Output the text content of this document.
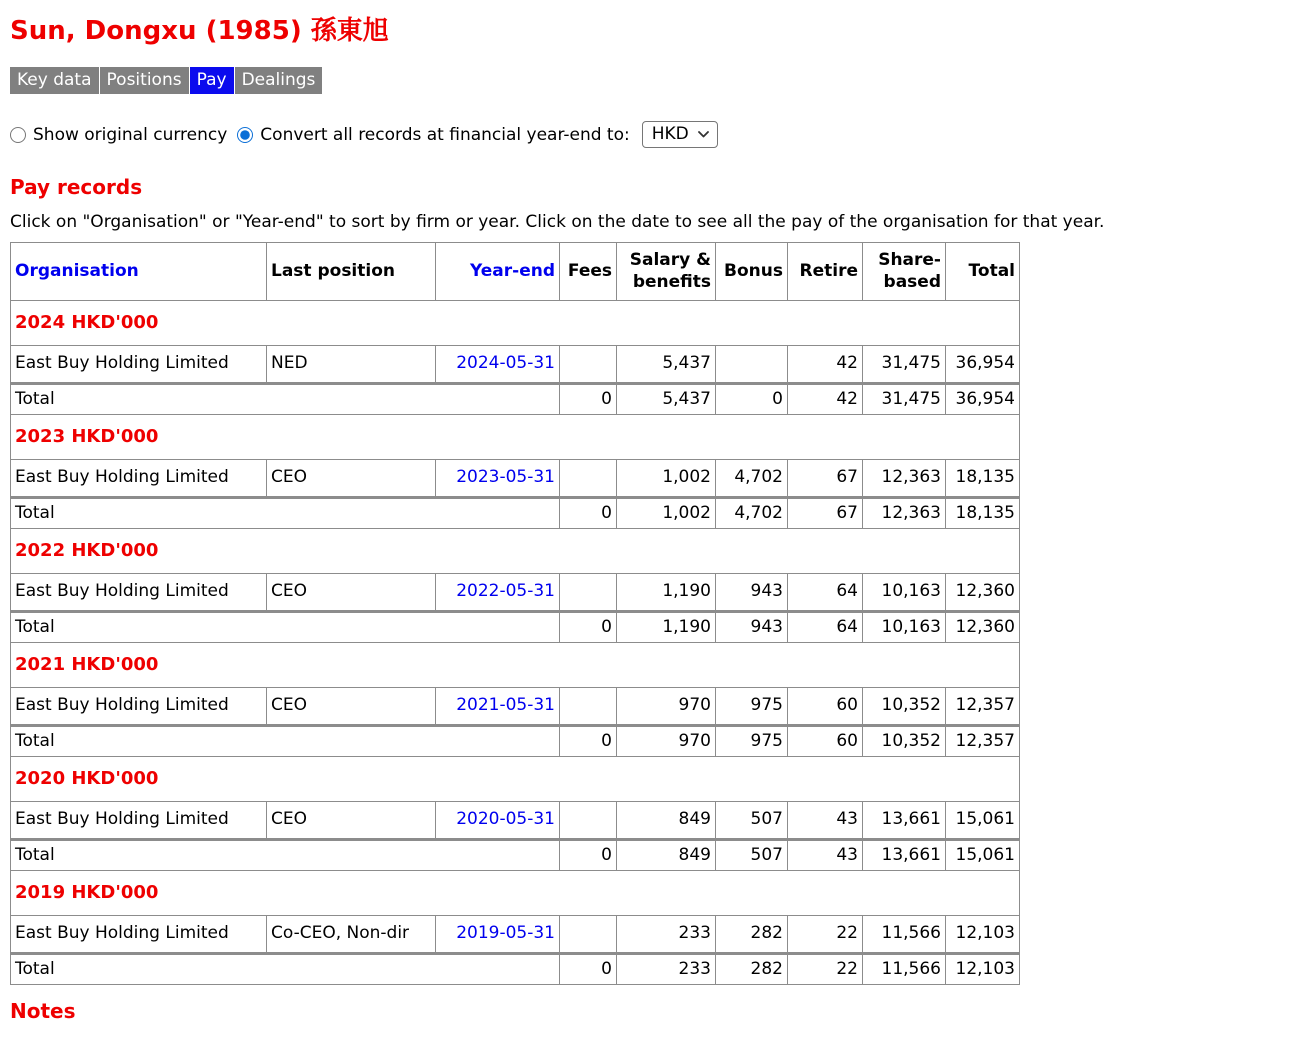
Sun, Dongxu (1985) 孫東旭
Key data Positions Pay Dealings
Show original currency Convert all records at financial year-end to: HKD
Pay records

Click on "Organisation" or "Year-end" to sort by firm or year. Click on the date to see all the pay of the organisation for that year.

Organisation	Last position	Year-end	Fees	Salary & benefits	Bonus	Retire	Share-based	Total
2024 HKD'000								
East Buy Holding Limited	NED	2024-05-31		5,437		42	31,475	36,954
Total			0	5,437	0	42	31,475	36,954
2023 HKD'000								
East Buy Holding Limited	CEO	2023-05-31		1,002	4,702	67	12,363	18,135
Total			0	1,002	4,702	67	12,363	18,135
2022 HKD'000								
East Buy Holding Limited	CEO	2022-05-31		1,190	943	64	10,163	12,360
Total			0	1,190	943	64	10,163	12,360
2021 HKD'000								
East Buy Holding Limited	CEO	2021-05-31		970	975	60	10,352	12,357
Total			0	970	975	60	10,352	12,357
2020 HKD'000								
East Buy Holding Limited	CEO	2020-05-31		849	507	43	13,661	15,061
Total			0	849	507	43	13,661	15,061
2019 HKD'000								
East Buy Holding Limited	Co-CEO, Non-dir	2019-05-31		233	282	22	11,566	12,103
Total			0	233	282	22	11,566	12,103
Notes
